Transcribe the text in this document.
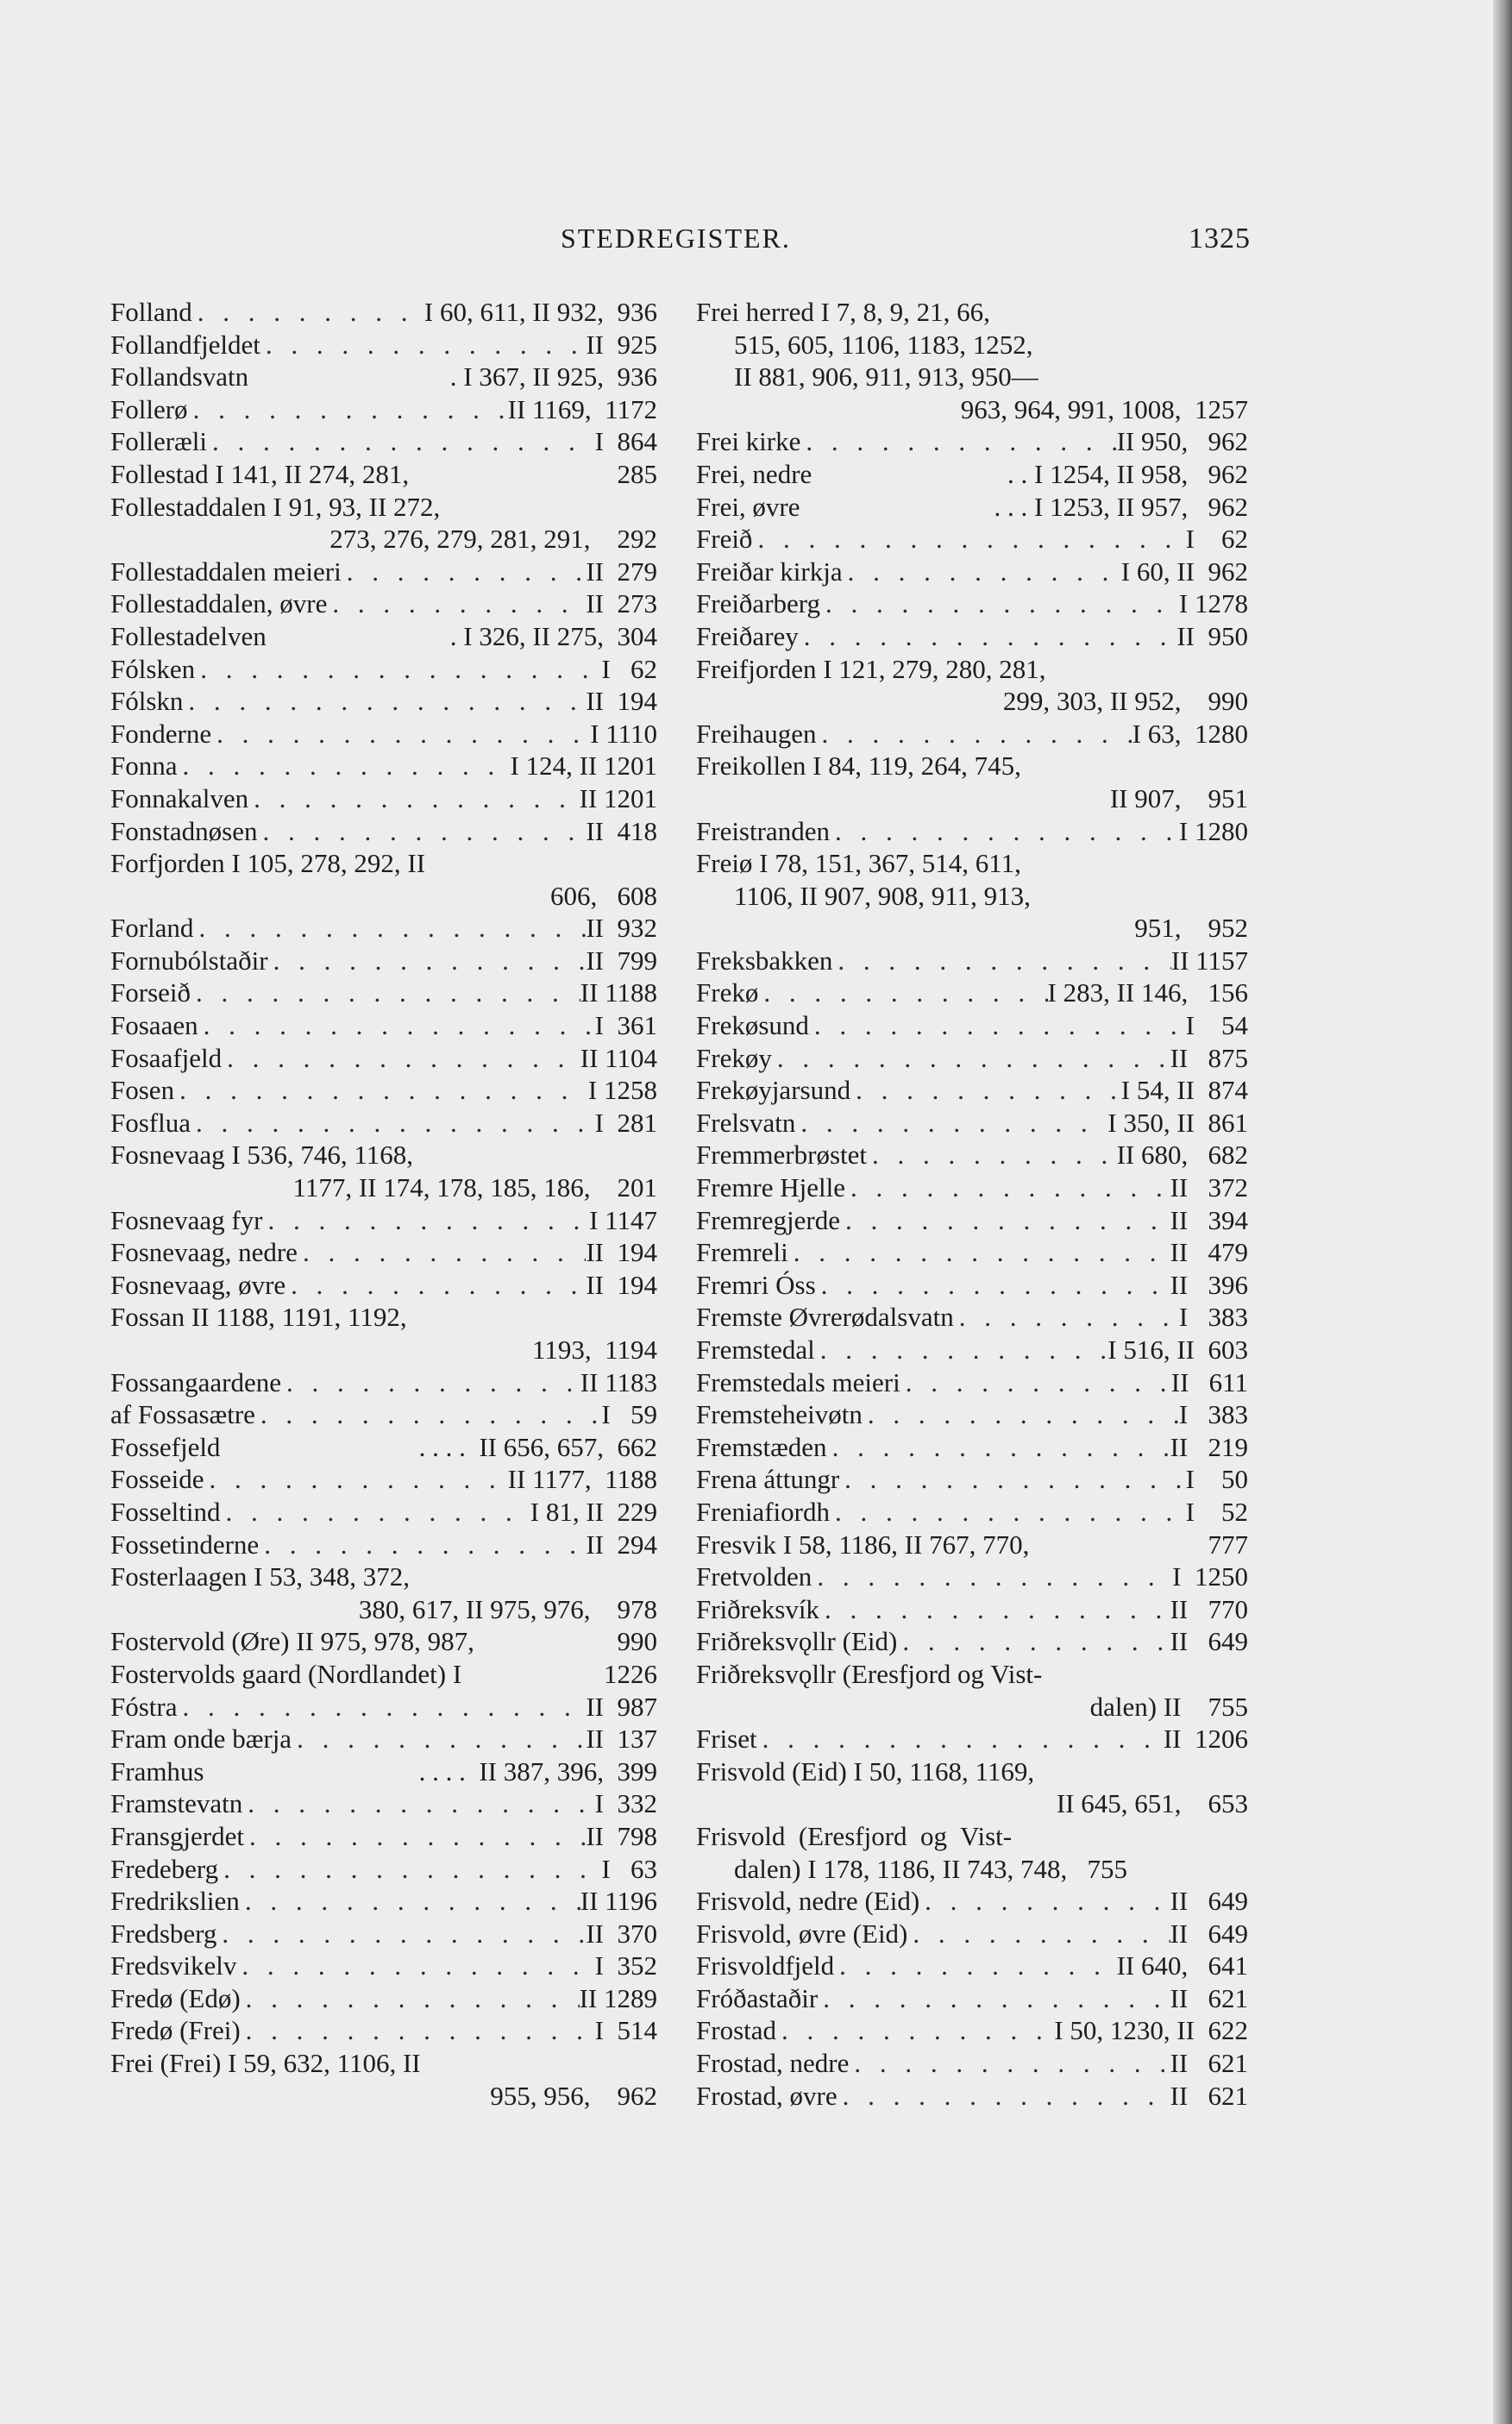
STEDREGISTER.	1325
Folland . . .	I 60, 611, II 932,  936
Follandfjeldet . . .	II  925
Follandsvatn	. I 367, II 925,  936
Follerø . . .	II 1169,  1172
Folleræli . . .	I  864
Follestad I 141, II 274, 281,	285
Follestaddalen I 91, 93, II 272,
273, 276, 279, 281, 291,    292
Follestaddalen meieri . . .	II  279
Follestaddalen, øvre . . .	II  273
Follestadelven	. I 326, II 275,  304
Fólsken . . .	I   62
Fólskn . . .	II  194
Fonderne . . .	I 1110
Fonna . . .	I 124, II 1201
Fonnakalven . . .	II 1201
Fonstadnøsen . . .	II  418
Forfjorden I 105, 278, 292, II
606,   608
Forland . . .	II  932
Fornubólstaðir . . .	II  799
Forseið . . .	II 1188
Fosaaen . . .	I  361
Fosaafjeld . . .	II 1104
Fosen . . .	I 1258
Fosflua . . .	I  281
Fosnevaag I 536, 746, 1168,
1177, II 174, 178, 185, 186,    201
Fosnevaag fyr . . .	I 1147
Fosnevaag, nedre . . .	II  194
Fosnevaag, øvre . . .	II  194
Fossan II 1188, 1191, 1192,
1193,  1194
Fossangaardene . . .	II 1183
af Fossasætre . . .	I   59
Fossefjeld	. . . .  II 656, 657,  662
Fosseide . . .	II 1177,  1188
Fosseltind . . .	I 81, II  229
Fossetinderne . . .	II  294
Fosterlaagen I 53, 348, 372,
380, 617, II 975, 976,    978
Fostervold (Øre) II 975, 978, 987,	990
Fostervolds gaard (Nordlandet) I	1226
Fóstra . . .	II  987
Fram onde bærja . . .	II  137
Framhus	. . . .  II 387, 396,  399
Framstevatn . . .	I  332
Fransgjerdet . . .	II  798
Fredeberg . . .	I   63
Fredrikslien . . .	II 1196
Fredsberg . . .	II  370
Fredsvikelv . . .	I  352
Fredø (Edø) . . .	II 1289
Fredø (Frei) . . .	I  514
Frei (Frei) I 59, 632, 1106, II
955, 956,    962
Frei herred I 7, 8, 9, 21, 66,
515, 605, 1106, 1183, 1252,
II 881, 906, 911, 913, 950—
963, 964, 991, 1008,  1257
Frei kirke . . .	II 950,   962
Frei, nedre	. . I 1254, II 958,   962
Frei, øvre	. . . I 1253, II 957,   962
Freið . . .	I    62
Freiðar kirkja . . .	I 60, II  962
Freiðarberg . . .	I 1278
Freiðarey . . .	II  950
Freifjorden I 121, 279, 280, 281,
299, 303, II 952,    990
Freihaugen . . .	I 63,  1280
Freikollen I 84, 119, 264, 745,
II 907,    951
Freistranden . . .	I 1280
Freiø I 78, 151, 367, 514, 611,
1106, II 907, 908, 911, 913,
951,    952
Freksbakken . . .	II 1157
Frekø . . .	I 283, II 146,   156
Frekøsund . . .	I    54
Frekøy . . .	II   875
Frekøyjarsund . . .	I 54, II  874
Frelsvatn . . .	I 350, II  861
Fremmerbrøstet . . .	II 680,   682
Fremre Hjelle . . .	II   372
Fremregjerde . . .	II   394
Fremreli . . .	II   479
Fremri Óss . . .	II   396
Fremste Øvrerødalsvatn . . .	I   383
Fremstedal . . .	I 516, II  603
Fremstedals meieri . . .	II   611
Fremsteheivøtn . . .	I   383
Fremstæden . . .	II   219
Frena áttungr . . .	I    50
Freniafiordh . . .	I    52
Fresvik I 58, 1186, II 767, 770,	777
Fretvolden . . .	I  1250
Friðreksvík . . .	II   770
Friðreksvǫllr (Eid) . . .	II   649
Friðreksvǫllr (Eresfjord og Vist-
dalen) II    755
Friset . . .	II  1206
Frisvold (Eid) I 50, 1168, 1169,
II 645, 651,    653
Frisvold  (Eresfjord  og  Vist-
dalen) I 178, 1186, II 743, 748,   755
Frisvold, nedre (Eid) . . .	II   649
Frisvold, øvre (Eid) . . .	II   649
Frisvoldfjeld . . .	II 640,   641
Fróðastaðir . . .	II   621
Frostad . . .	I 50, 1230, II  622
Frostad, nedre . . .	II   621
Frostad, øvre . . .	II   621
